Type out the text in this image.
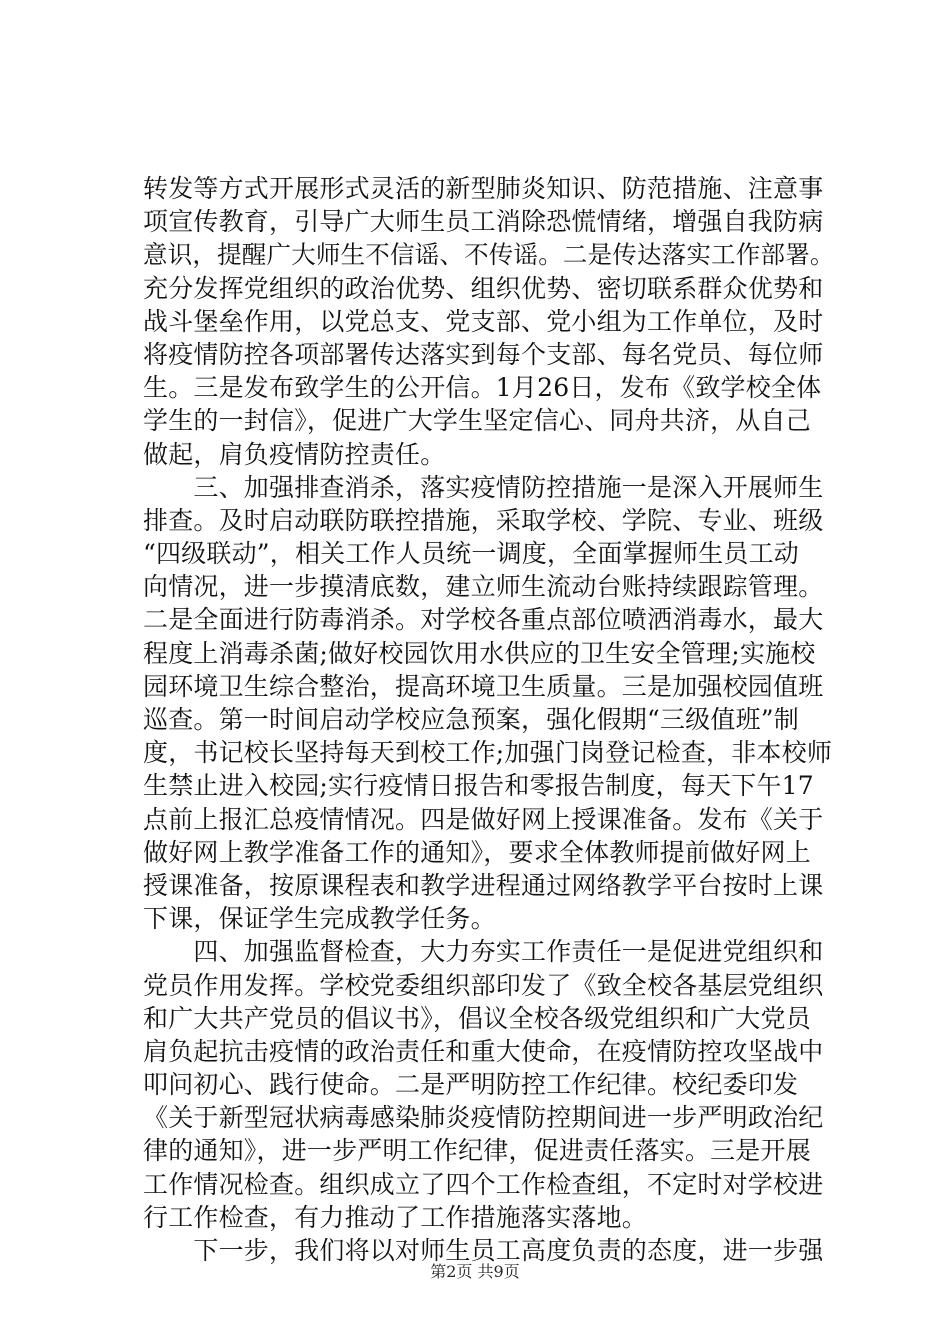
转发等方式开展形式灵活的新型肺炎知识、防范措施、注意事
项宣传教育，引导广大师生员工消除恐慌情绪，增强自我防病
意识，提醒广大师生不信谣、不传谣。二是传达落实工作部署。
充分发挥党组织的政治优势、组织优势、密切联系群众优势和
战斗堡垒作用，以党总支、党支部、党小组为工作单位，及时
将疫情防控各项部署传达落实到每个支部、每名党员、每位师
生。三是发布致学生的公开信。1月26日，发布《致学校全体
学生的一封信》，促进广大学生坚定信心、同舟共济，从自己
做起，肩负疫情防控责任。
　　三、加强排查消杀，落实疫情防控措施一是深入开展师生
排查。及时启动联防联控措施，采取学校、学院、专业、班级
“四级联动”，相关工作人员统一调度，全面掌握师生员工动
向情况，进一步摸清底数，建立师生流动台账持续跟踪管理。
二是全面进行防毒消杀。对学校各重点部位喷洒消毒水，最大
程度上消毒杀菌;做好校园饮用水供应的卫生安全管理;实施校
园环境卫生综合整治，提高环境卫生质量。三是加强校园值班
巡查。第一时间启动学校应急预案，强化假期“三级值班”制
度，书记校长坚持每天到校工作;加强门岗登记检查，非本校师
生禁止进入校园;实行疫情日报告和零报告制度，每天下午17
点前上报汇总疫情情况。四是做好网上授课准备。发布《关于
做好网上教学准备工作的通知》，要求全体教师提前做好网上
授课准备，按原课程表和教学进程通过网络教学平台按时上课
下课，保证学生完成教学任务。
　　四、加强监督检查，大力夯实工作责任一是促进党组织和
党员作用发挥。学校党委组织部印发了《致全校各基层党组织
和广大共产党员的倡议书》，倡议全校各级党组织和广大党员
肩负起抗击疫情的政治责任和重大使命，在疫情防控攻坚战中
叩问初心、践行使命。二是严明防控工作纪律。校纪委印发
《关于新型冠状病毒感染肺炎疫情防控期间进一步严明政治纪
律的通知》，进一步严明工作纪律，促进责任落实。三是开展
工作情况检查。组织成立了四个工作检查组，不定时对学校进
行工作检查，有力推动了工作措施落实落地。
　　下一步，我们将以对师生员工高度负责的态度，进一步强
第2页 共9页
